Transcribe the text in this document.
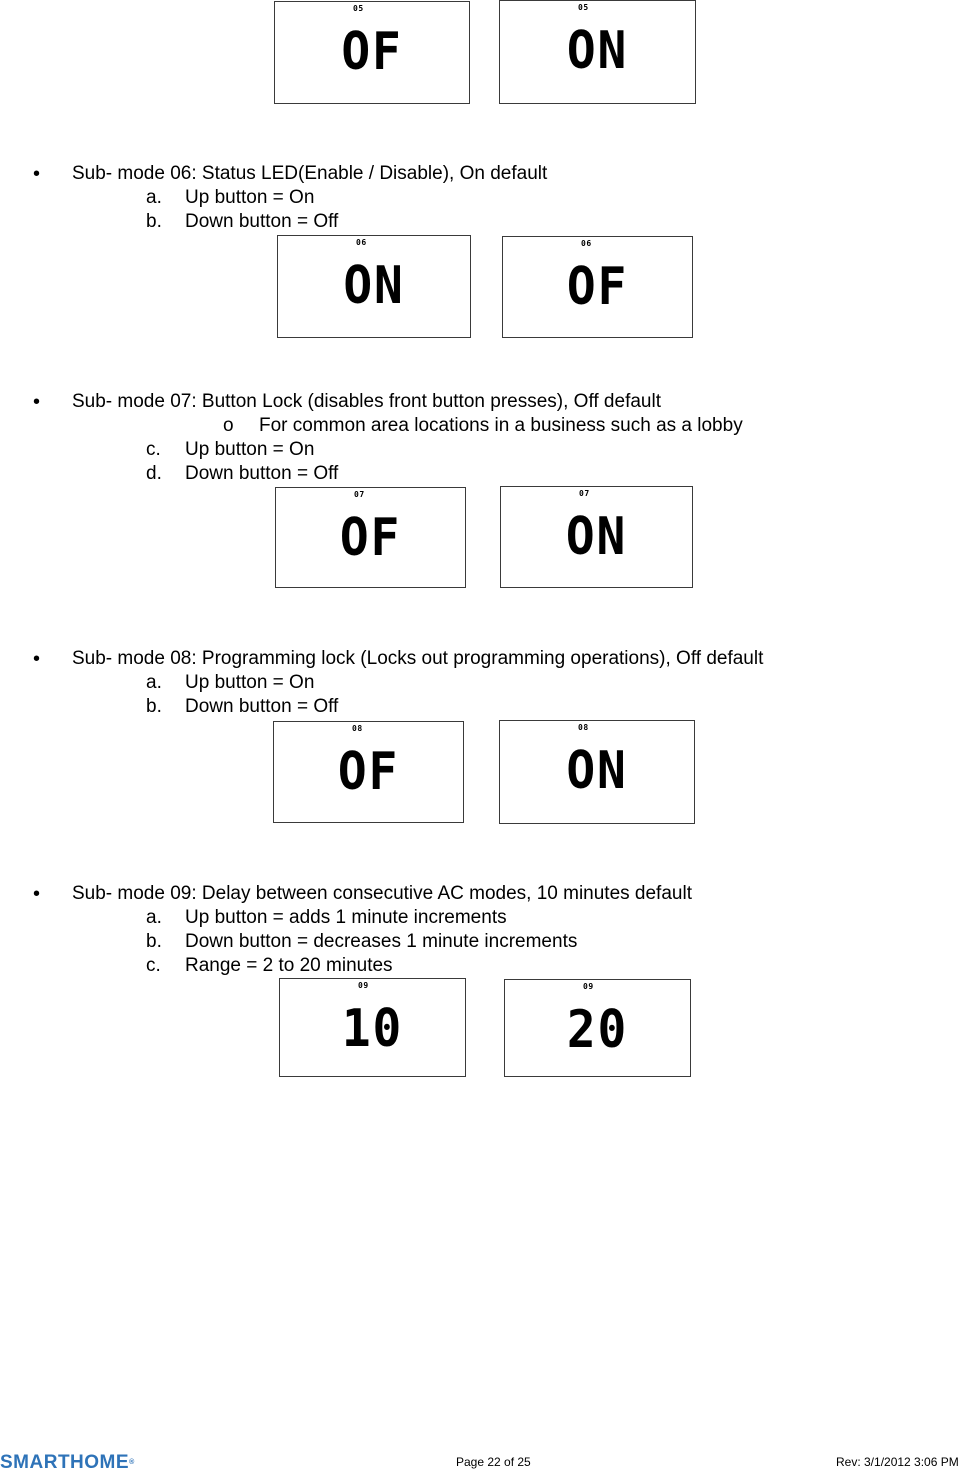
05
OF
05
ON
• Sub- mode 06: Status LED(Enable / Disable), On default
a. Up button = On
b. Down button = Off
06
ON
06
OF
• Sub- mode 07: Button Lock (disables front button presses), Off default
o For common area locations in a business such as a lobby
c. Up button = On
d. Down button = Off
07
OF
07
ON
• Sub- mode 08: Programming lock (Locks out programming operations), Off default
a. Up button = On
b. Down button = Off
08
OF
08
ON
• Sub- mode 09: Delay between consecutive AC modes, 10 minutes default
a. Up button = adds 1 minute increments
b. Down button = decreases 1 minute increments
c. Range = 2 to 20 minutes
09
10
09
20
SMARTHOME®	Page 22 of 25	Rev: 3/1/2012 3:06 PM
